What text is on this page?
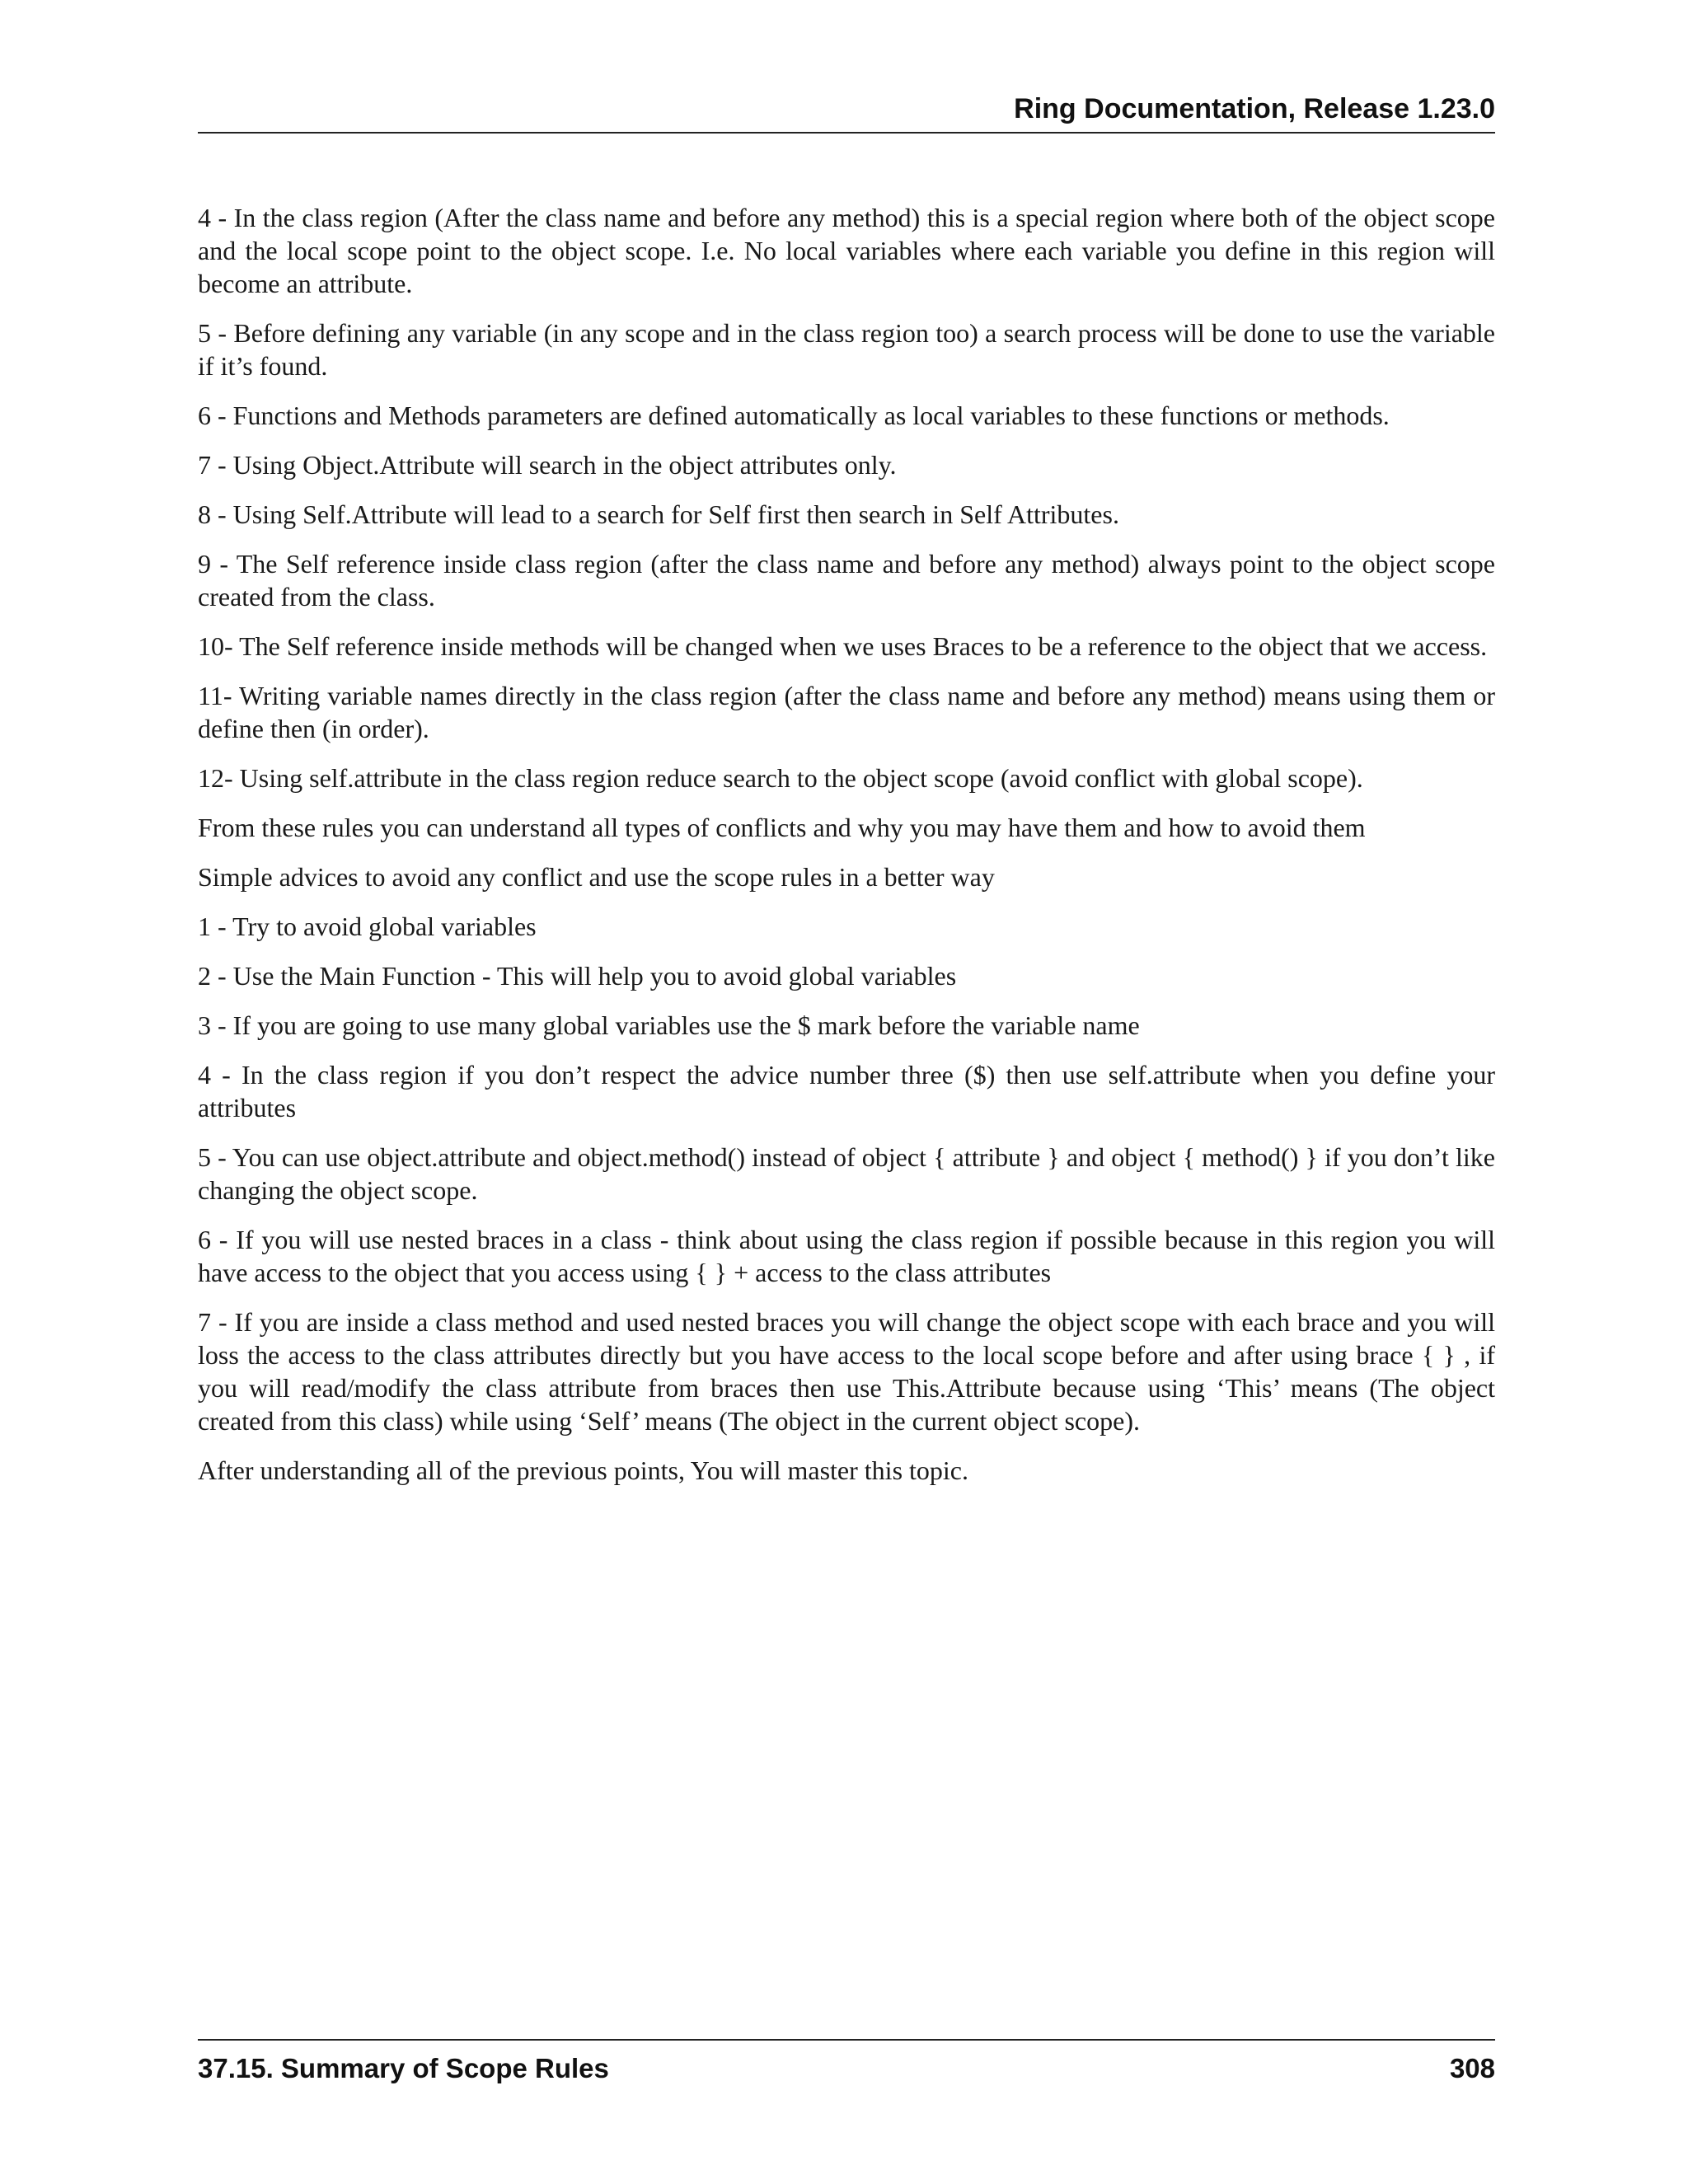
Ring Documentation, Release 1.23.0

4 - In the class region (After the class name and before any method) this is a special region where both of the object scope and the local scope point to the object scope. I.e. No local variables where each variable you define in this region will become an attribute.

5 - Before defining any variable (in any scope and in the class region too) a search process will be done to use the variable if it’s found.

6 - Functions and Methods parameters are defined automatically as local variables to these functions or methods.

7 - Using Object.Attribute will search in the object attributes only.

8 - Using Self.Attribute will lead to a search for Self first then search in Self Attributes.

9 - The Self reference inside class region (after the class name and before any method) always point to the object scope created from the class.

10- The Self reference inside methods will be changed when we uses Braces to be a reference to the object that we access.

11- Writing variable names directly in the class region (after the class name and before any method) means using them or define then (in order).

12- Using self.attribute in the class region reduce search to the object scope (avoid conflict with global scope).

From these rules you can understand all types of conflicts and why you may have them and how to avoid them

Simple advices to avoid any conflict and use the scope rules in a better way

1 - Try to avoid global variables

2 - Use the Main Function - This will help you to avoid global variables

3 - If you are going to use many global variables use the $ mark before the variable name

4 - In the class region if you don’t respect the advice number three ($) then use self.attribute when you define your attributes

5 - You can use object.attribute and object.method() instead of object { attribute } and object { method() } if you don’t like changing the object scope.

6 - If you will use nested braces in a class - think about using the class region if possible because in this region you will have access to the object that you access using { } + access to the class attributes

7 - If you are inside a class method and used nested braces you will change the object scope with each brace and you will loss the access to the class attributes directly but you have access to the local scope before and after using brace { } , if you will read/modify the class attribute from braces then use This.Attribute because using ‘This’ means (The object created from this class) while using ‘Self’ means (The object in the current object scope).

After understanding all of the previous points, You will master this topic.

37.15. Summary of Scope Rules	308
